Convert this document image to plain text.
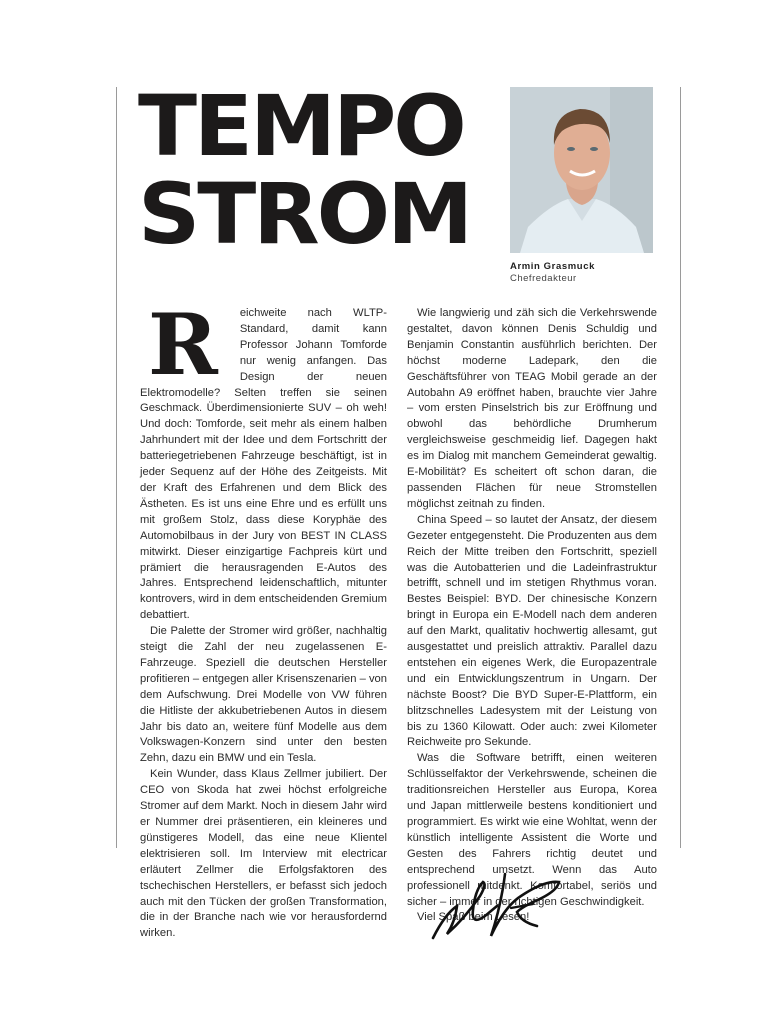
TEMPO
STROM
Armin Grasmuck
Chefredakteur

R eichweite nach WLTP-Standard, damit kann Professor Johann Tomforde nur wenig anfangen. Das Design der neuen Elektromodelle? Selten treffen sie seinen Geschmack. Überdimensionierte SUV – oh weh! Und doch: Tomforde, seit mehr als einem halben Jahrhundert mit der Idee und dem Fortschritt der batteriegetriebenen Fahrzeuge beschäftigt, ist in jeder Sequenz auf der Höhe des Zeitgeists. Mit der Kraft des Erfahrenen und dem Blick des Ästheten. Es ist uns eine Ehre und es erfüllt uns mit großem Stolz, dass diese Koryphäe des Automobilbaus in der Jury von BEST IN CLASS mitwirkt. Dieser einzigartige Fachpreis kürt und prämiert die herausragenden E-Autos des Jahres. Entsprechend leidenschaftlich, mitunter kontrovers, wird in dem entscheidenden Gremium debattiert.

Die Palette der Stromer wird größer, nachhaltig steigt die Zahl der neu zugelassenen E-Fahrzeuge. Speziell die deutschen Hersteller profitieren – entgegen aller Krisenszenarien – von dem Aufschwung. Drei Modelle von VW führen die Hitliste der akkubetriebenen Autos in diesem Jahr bis dato an, weitere fünf Modelle aus dem Volkswagen-Konzern sind unter den besten Zehn, dazu ein BMW und ein Tesla.

Kein Wunder, dass Klaus Zellmer jubiliert. Der CEO von Skoda hat zwei höchst erfolgreiche Stromer auf dem Markt. Noch in diesem Jahr wird er Nummer drei präsentieren, ein kleineres und günstigeres Modell, das eine neue Klientel elektrisieren soll. Im Interview mit electricar erläutert Zellmer die Erfolgsfaktoren des tschechischen Herstellers, er befasst sich jedoch auch mit den Tücken der großen Transformation, die in der Branche nach wie vor herausfordernd wirken.

Wie langwierig und zäh sich die Verkehrswende gestaltet, davon können Denis Schuldig und Benjamin Constantin ausführlich berichten. Der höchst moderne Ladepark, den die Geschäftsführer von TEAG Mobil gerade an der Autobahn A9 eröffnet haben, brauchte vier Jahre – vom ersten Pinselstrich bis zur Eröffnung und obwohl das behördliche Drumherum vergleichsweise geschmeidig lief. Dagegen hakt es im Dialog mit manchem Gemeinderat gewaltig. E-Mobilität? Es scheitert oft schon daran, die passenden Flächen für neue Stromstellen möglichst zeitnah zu finden.

China Speed – so lautet der Ansatz, der diesem Gezeter entgegensteht. Die Produzenten aus dem Reich der Mitte treiben den Fortschritt, speziell was die Autobatterien und die Ladeinfrastruktur betrifft, schnell und im stetigen Rhythmus voran. Bestes Beispiel: BYD. Der chinesische Konzern bringt in Europa ein E-Modell nach dem anderen auf den Markt, qualitativ hochwertig allesamt, gut ausgestattet und preislich attraktiv. Parallel dazu entstehen ein eigenes Werk, die Europazentrale und ein Entwicklungszentrum in Ungarn. Der nächste Boost? Die BYD Super-E-Plattform, ein blitzschnelles Ladesystem mit der Leistung von bis zu 1360 Kilowatt. Oder auch: zwei Kilometer Reichweite pro Sekunde.

Was die Software betrifft, einen weiteren Schlüsselfaktor der Verkehrswende, scheinen die traditionsreichen Hersteller aus Europa, Korea und Japan mittlerweile bestens konditioniert und programmiert. Es wirkt wie eine Wohltat, wenn der künstlich intelligente Assistent die Worte und Gesten des Fahrers richtig deutet und entsprechend umsetzt. Wenn das Auto professionell mitdenkt. Komfortabel, seriös und sicher – immer in der richtigen Geschwindigkeit.

Viel Spaß beim Lesen!
